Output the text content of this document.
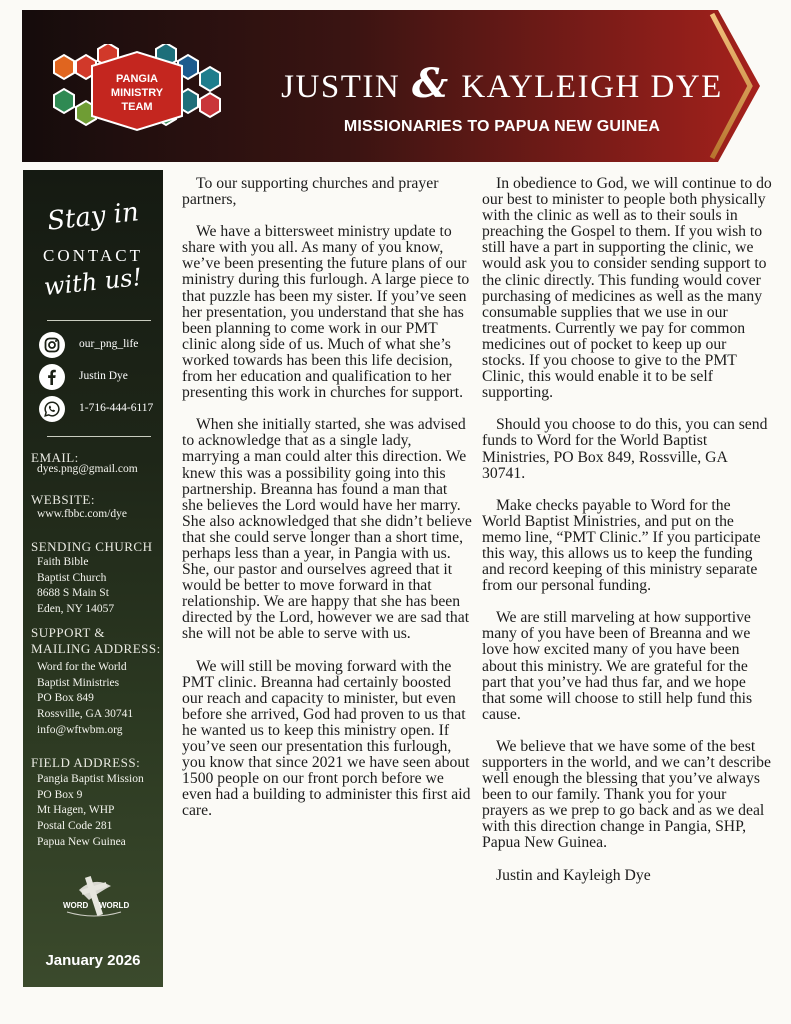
PANGIA
MINISTRY
TEAM
JUSTIN & KAYLEIGH DYE
MISSIONARIES TO PAPUA NEW GUINEA
Stay in
CONTACT
with us!
our_png_life
Justin Dye
1-716-444-6117
EMAIL:
dyes.png@gmail.com
WEBSITE:
www.fbbc.com/dye
SENDING CHURCH
Faith Bible
Baptist Church
8688 S Main St
Eden, NY 14057
SUPPORT &
MAILING ADDRESS:
Word for the World
Baptist Ministries
PO Box 849
Rossville, GA 30741
info@wftwbm.org
FIELD ADDRESS:
Pangia Baptist Mission
PO Box 9
Mt Hagen, WHP
Postal Code 281
Papua New Guinea
WORD WORLD
January 2026

To our supporting churches and prayer partners,

We have a bittersweet ministry update to share with you all. As many of you know, we’ve been presenting the future plans of our ministry during this furlough. A large piece to that puzzle has been my sister. If you’ve seen her presentation, you understand that she has been planning to come work in our PMT clinic along side of us. Much of what she’s worked towards has been this life decision, from her education and qualification to her presenting this work in churches for support.

When she initially started, she was advised to acknowledge that as a single lady, marrying a man could alter this direction. We knew this was a possibility going into this partnership. Breanna has found a man that she believes the Lord would have her marry. She also acknowledged that she didn’t believe that she could serve longer than a short time, perhaps less than a year, in Pangia with us. She, our pastor and ourselves agreed that it would be better to move forward in that relationship. We are happy that she has been directed by the Lord, however we are sad that she will not be able to serve with us.

We will still be moving forward with the PMT clinic. Breanna had certainly boosted our reach and capacity to minister, but even before she arrived, God had proven to us that he wanted us to keep this ministry open. If you’ve seen our presentation this furlough, you know that since 2021 we have seen about 1500 people on our front porch before we even had a building to administer this first aid care.

In obedience to God, we will continue to do our best to minister to people both physically with the clinic as well as to their souls in preaching the Gospel to them. If you wish to still have a part in supporting the clinic, we would ask you to consider sending support to the clinic directly. This funding would cover purchasing of medicines as well as the many consumable supplies that we use in our treatments. Currently we pay for common medicines out of pocket to keep up our stocks. If you choose to give to the PMT Clinic, this would enable it to be self supporting.

Should you choose to do this, you can send funds to Word for the World Baptist Ministries, PO Box 849, Rossville, GA 30741.

Make checks payable to Word for the World Baptist Ministries, and put on the memo line, “PMT Clinic.” If you participate this way, this allows us to keep the funding and record keeping of this ministry separate from our personal funding.

We are still marveling at how supportive many of you have been of Breanna and we love how excited many of you have been about this ministry. We are grateful for the part that you’ve had thus far, and we hope that some will choose to still help fund this cause.

We believe that we have some of the best supporters in the world, and we can’t describe well enough the blessing that you’ve always been to our family. Thank you for your prayers as we prep to go back and as we deal with this direction change in Pangia, SHP, Papua New Guinea.

Justin and Kayleigh Dye
